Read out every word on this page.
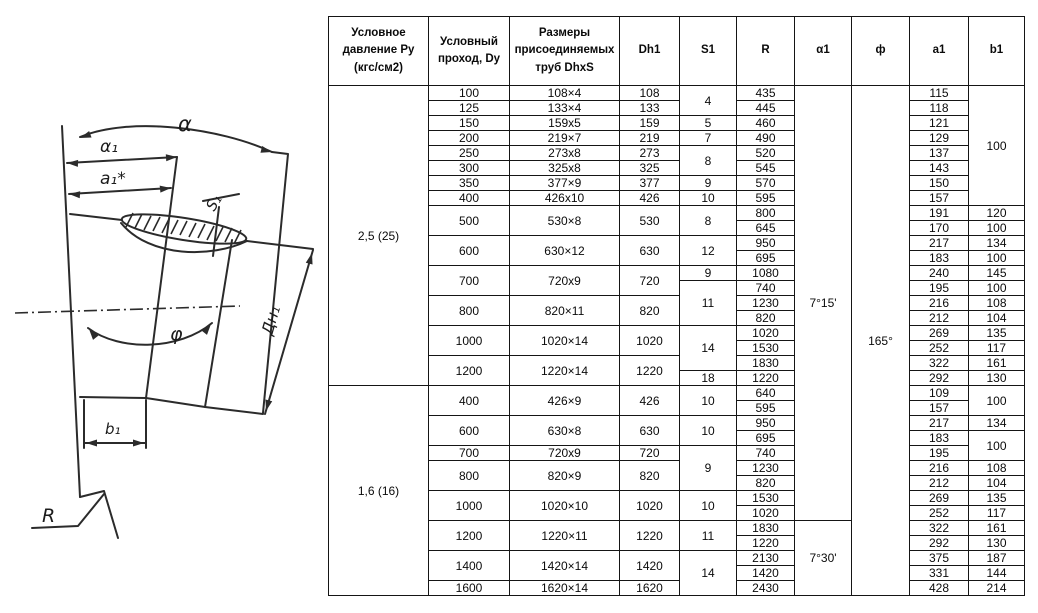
α
α₁
a₁*
S₁
Дн₁
φ
b₁
R
Условное давление Ру (кгс/см2)	Условный проход, Dy	Размеры присоединяемых труб DhxS	Dh1	S1	R	α1	ф	a1	b1
2,5 (25)	100	108×4	108	4	435	7°15'	165°	115	100
	125	133×4	133		445			118	
	150	159x5	159	5	460			121	
	200	219×7	219	7	490			129	
	250	273x8	273	8	520			137	
	300	325x8	325		545			143	
	350	377×9	377	9	570			150	
	400	426x10	426	10	595			157	
	500	530×8	530	8	800			191	120
					645			170	100
	600	630×12	630	12	950			217	134
					695			183	100
	700	720x9	720	9	1080			240	145
				11	740			195	100
	800	820×11	820		1230			216	108
					820			212	104
	1000	1020×14	1020	14	1020			269	135
					1530			252	117
	1200	1220×14	1220		1830			322	161
				18	1220			292	130
1,6 (16)	400	426×9	426	10	640			109	100
					595			157	
	600	630×8	630	10	950			217	134
					695			183	100
	700	720x9	720	9	740			195	
	800	820×9	820		1230			216	108
					820			212	104
	1000	1020×10	1020	10	1530			269	135
					1020			252	117
	1200	1220×11	1220	11	1830	7°30'		322	161
					1220			292	130
	1400	1420×14	1420	14	2130			375	187
					1420			331	144
	1600	1620×14	1620		2430			428	214
